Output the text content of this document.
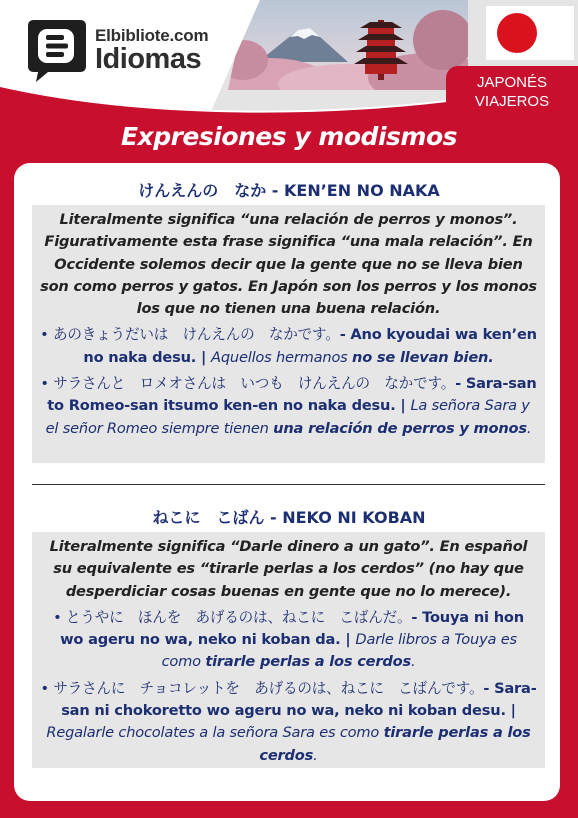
Elbibliote.com
Idiomas
JAPONÉS
VIAJEROS
Expresiones y modismos
けんえんの　なか - KEN’EN NO NAKA

Literalmente significa “una relación de perros y monos”. Figurativamente esta frase significa “una mala relación”. En Occidente solemos decir que la gente que no se lleva bien son como perros y gatos. En Japón son los perros y los monos los que no tienen una buena relación.

• あのきょうだいは　けんえんの　なかです。- Ano kyoudai wa ken’en no naka desu. | Aquellos hermanos no se llevan bien.

• サラさんと　ロメオさんは　いつも　けんえんの　なかです。- Sara-san to Romeo-san itsumo ken-en no naka desu. | La señora Sara y el señor Romeo siempre tienen una relación de perros y monos.

ねこに　こばん - NEKO NI KOBAN

Literalmente significa “Darle dinero a un gato”. En español su equivalente es “tirarle perlas a los cerdos” (no hay que desperdiciar cosas buenas en gente que no lo merece).

• とうやに　ほんを　あげるのは、ねこに　こばんだ。- Touya ni hon wo ageru no wa, neko ni koban da. | Darle libros a Touya es como tirarle perlas a los cerdos.

• サラさんに　チョコレットを　あげるのは、ねこに　こばんです。- Sara-san ni chokoretto wo ageru no wa, neko ni koban desu. | Regalarle chocolates a la señora Sara es como tirarle perlas a los cerdos.
